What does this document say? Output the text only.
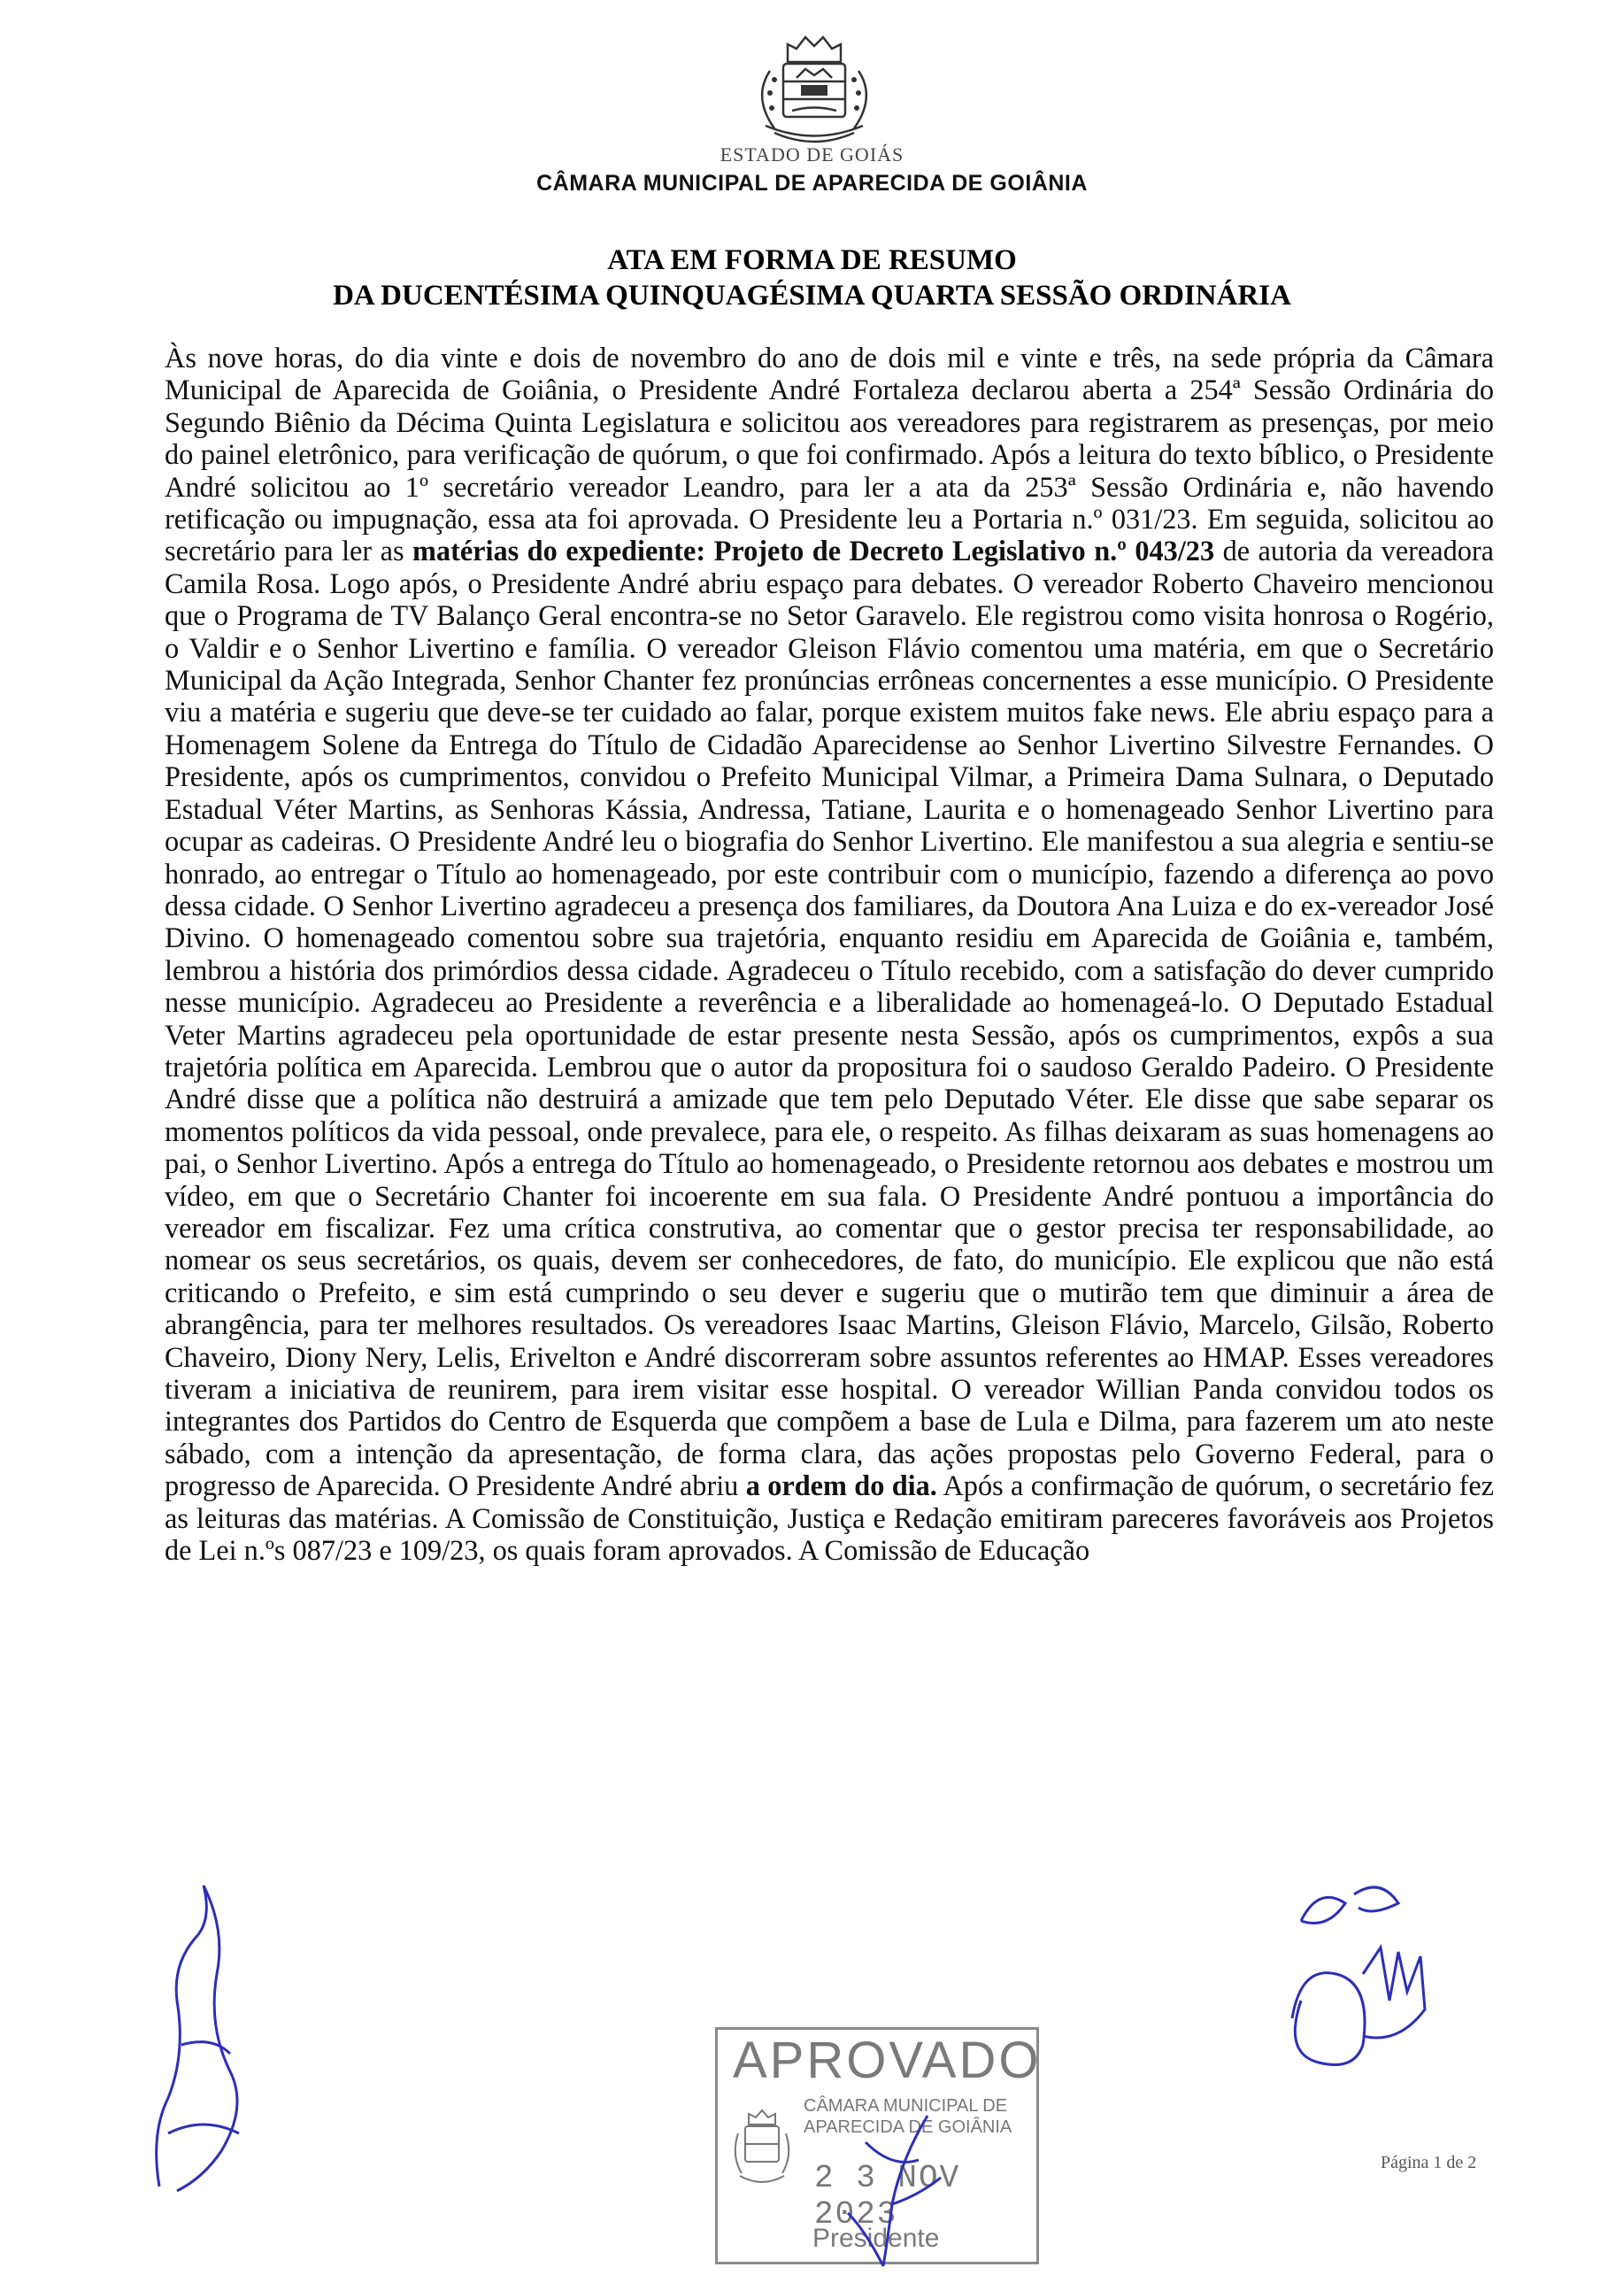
ESTADO DE GOIÁS
CÂMARA MUNICIPAL DE APARECIDA DE GOIÂNIA
ATA EM FORMA DE RESUMO
DA DUCENTÉSIMA QUINQUAGÉSIMA QUARTA SESSÃO ORDINÁRIA
Às nove horas, do dia vinte e dois de novembro do ano de dois mil e vinte e três, na sede própria da Câmara Municipal de Aparecida de Goiânia, o Presidente André Fortaleza declarou aberta a 254ª Sessão Ordinária do Segundo Biênio da Décima Quinta Legislatura e solicitou aos vereadores para registrarem as presenças, por meio do painel eletrônico, para verificação de quórum, o que foi confirmado. Após a leitura do texto bíblico, o Presidente André solicitou ao 1º secretário vereador Leandro, para ler a ata da 253ª Sessão Ordinária e, não havendo retificação ou impugnação, essa ata foi aprovada. O Presidente leu a Portaria n.º 031/23. Em seguida, solicitou ao secretário para ler as matérias do expediente: Projeto de Decreto Legislativo n.º 043/23 de autoria da vereadora Camila Rosa. Logo após, o Presidente André abriu espaço para debates. O vereador Roberto Chaveiro mencionou que o Programa de TV Balanço Geral encontra-se no Setor Garavelo. Ele registrou como visita honrosa o Rogério, o Valdir e o Senhor Livertino e família. O vereador Gleison Flávio comentou uma matéria, em que o Secretário Municipal da Ação Integrada, Senhor Chanter fez pronúncias errôneas concernentes a esse município. O Presidente viu a matéria e sugeriu que deve-se ter cuidado ao falar, porque existem muitos fake news. Ele abriu espaço para a Homenagem Solene da Entrega do Título de Cidadão Aparecidense ao Senhor Livertino Silvestre Fernandes. O Presidente, após os cumprimentos, convidou o Prefeito Municipal Vilmar, a Primeira Dama Sulnara, o Deputado Estadual Véter Martins, as Senhoras Kássia, Andressa, Tatiane, Laurita e o homenageado Senhor Livertino para ocupar as cadeiras. O Presidente André leu o biografia do Senhor Livertino. Ele manifestou a sua alegria e sentiu-se honrado, ao entregar o Título ao homenageado, por este contribuir com o município, fazendo a diferença ao povo dessa cidade. O Senhor Livertino agradeceu a presença dos familiares, da Doutora Ana Luiza e do ex-vereador José Divino. O homenageado comentou sobre sua trajetória, enquanto residiu em Aparecida de Goiânia e, também, lembrou a história dos primórdios dessa cidade. Agradeceu o Título recebido, com a satisfação do dever cumprido nesse município. Agradeceu ao Presidente a reverência e a liberalidade ao homenageá-lo. O Deputado Estadual Veter Martins agradeceu pela oportunidade de estar presente nesta Sessão, após os cumprimentos, expôs a sua trajetória política em Aparecida. Lembrou que o autor da propositura foi o saudoso Geraldo Padeiro. O Presidente André disse que a política não destruirá a amizade que tem pelo Deputado Véter. Ele disse que sabe separar os momentos políticos da vida pessoal, onde prevalece, para ele, o respeito. As filhas deixaram as suas homenagens ao pai, o Senhor Livertino. Após a entrega do Título ao homenageado, o Presidente retornou aos debates e mostrou um vídeo, em que o Secretário Chanter foi incoerente em sua fala. O Presidente André pontuou a importância do vereador em fiscalizar. Fez uma crítica construtiva, ao comentar que o gestor precisa ter responsabilidade, ao nomear os seus secretários, os quais, devem ser conhecedores, de fato, do município. Ele explicou que não está criticando o Prefeito, e sim está cumprindo o seu dever e sugeriu que o mutirão tem que diminuir a área de abrangência, para ter melhores resultados. Os vereadores Isaac Martins, Gleison Flávio, Marcelo, Gilsão, Roberto Chaveiro, Diony Nery, Lelis, Erivelton e André discorreram sobre assuntos referentes ao HMAP. Esses vereadores tiveram a iniciativa de reunirem, para irem visitar esse hospital. O vereador Willian Panda convidou todos os integrantes dos Partidos do Centro de Esquerda que compõem a base de Lula e Dilma, para fazerem um ato neste sábado, com a intenção da apresentação, de forma clara, das ações propostas pelo Governo Federal, para o progresso de Aparecida. O Presidente André abriu a ordem do dia. Após a confirmação de quórum, o secretário fez as leituras das matérias. A Comissão de Constituição, Justiça e Redação emitiram pareceres favoráveis aos Projetos de Lei n.ºs 087/23 e 109/23, os quais foram aprovados. A Comissão de Educação
APROVADO
CÂMARA MUNICIPAL DE
APARECIDA DE GOIÂNIA
2 3 NOV 2023
Presidente
Página 1 de 2
